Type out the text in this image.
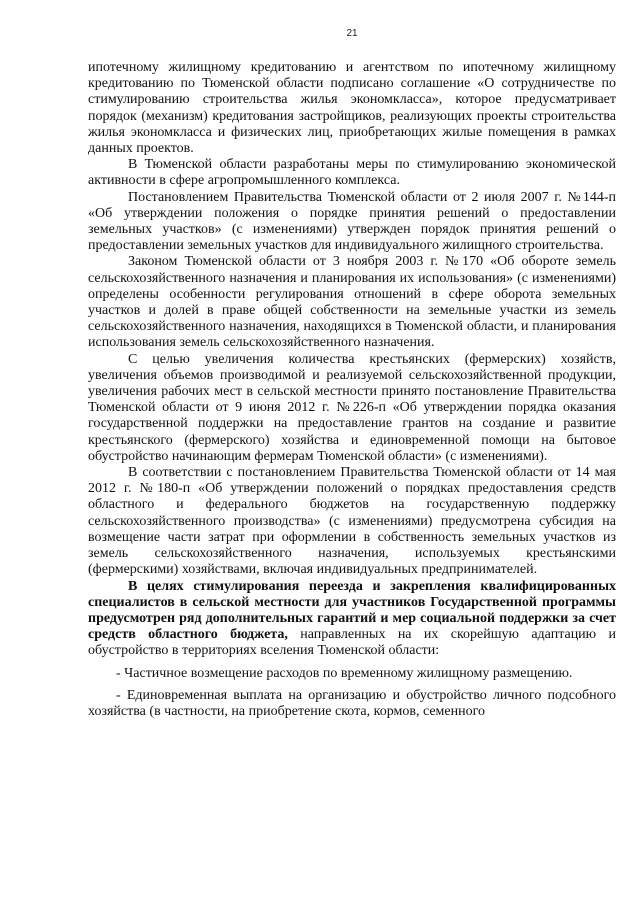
21

ипотечному жилищному кредитованию и агентством по ипотечному жилищному кредитованию по Тюменской области подписано соглашение «О сотрудничестве по стимулированию строительства жилья экономкласса», которое предусматривает порядок (механизм) кредитования застройщиков, реализующих проекты строительства жилья экономкласса и физических лиц, приобретающих жилые помещения в рамках данных проектов.

В Тюменской области разработаны меры по стимулированию экономической активности в сфере агропромышленного комплекса.

Постановлением Правительства Тюменской области от 2 июля 2007 г. №144-п «Об утверждении положения о порядке принятия решений о предоставлении земельных участков» (с изменениями) утвержден порядок принятия решений о предоставлении земельных участков для индивидуального жилищного строительства.

Законом Тюменской области от 3 ноября 2003 г. №170 «Об обороте земель сельскохозяйственного назначения и планирования их использования» (с изменениями) определены особенности регулирования отношений в сфере оборота земельных участков и долей в праве общей собственности на земельные участки из земель сельскохозяйственного назначения, находящихся в Тюменской области, и планирования использования земель сельскохозяйственного назначения.

С целью увеличения количества крестьянских (фермерских) хозяйств, увеличения объемов производимой и реализуемой сельскохозяйственной продукции, увеличения рабочих мест в сельской местности принято постановление Правительства Тюменской области от 9 июня 2012 г. №226-п «Об утверждении порядка оказания государственной поддержки на предоставление грантов на создание и развитие крестьянского (фермерского) хозяйства и единовременной помощи на бытовое обустройство начинающим фермерам Тюменской области» (с изменениями).

В соответствии с постановлением Правительства Тюменской области от 14 мая 2012 г. №180-п «Об утверждении положений о порядках предоставления средств областного и федерального бюджетов на государственную поддержку сельскохозяйственного производства» (с изменениями) предусмотрена субсидия на возмещение части затрат при оформлении в собственность земельных участков из земель сельскохозяйственного назначения, используемых крестьянскими (фермерскими) хозяйствами, включая индивидуальных предпринимателей.

В целях стимулирования переезда и закрепления квалифицированных специалистов в сельской местности для участников Государственной программы предусмотрен ряд дополнительных гарантий и мер социальной поддержки за счет средств областного бюджета, направленных на их скорейшую адаптацию и обустройство в территориях вселения Тюменской области:

- Частичное возмещение расходов по временному жилищному размещению.

- Единовременная выплата на организацию и обустройство личного подсобного хозяйства (в частности, на приобретение скота, кормов, семенного
